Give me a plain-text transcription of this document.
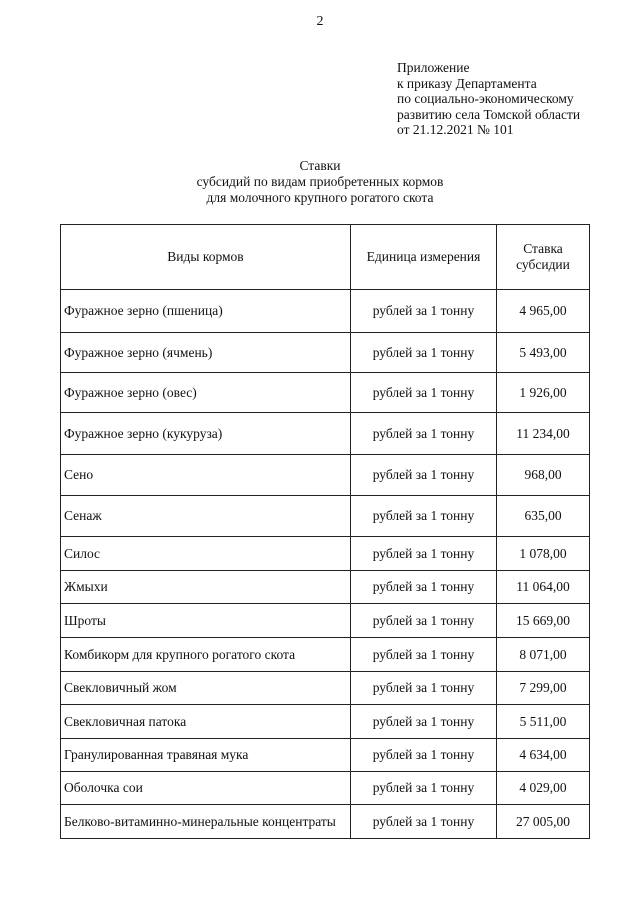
2
Приложение
к приказу Департамента
по социально-экономическому
развитию села Томской области
от 21.12.2021 № 101
Ставки
субсидий по видам приобретенных кормов
для молочного крупного рогатого скота
Виды кормов	Единица измерения	Ставка субсидии
Фуражное зерно (пшеница)	рублей за 1 тонну	4 965,00
Фуражное зерно (ячмень)	рублей за 1 тонну	5 493,00
Фуражное зерно (овес)	рублей за 1 тонну	1 926,00
Фуражное зерно (кукуруза)	рублей за 1 тонну	11 234,00
Сено	рублей за 1 тонну	968,00
Сенаж	рублей за 1 тонну	635,00
Силос	рублей за 1 тонну	1 078,00
Жмыхи	рублей за 1 тонну	11 064,00
Шроты	рублей за 1 тонну	15 669,00
Комбикорм для крупного рогатого скота	рублей за 1 тонну	8 071,00
Свекловичный жом	рублей за 1 тонну	7 299,00
Свекловичная патока	рублей за 1 тонну	5 511,00
Гранулированная травяная мука	рублей за 1 тонну	4 634,00
Оболочка сои	рублей за 1 тонну	4 029,00
Белково-витаминно-минеральные концентраты	рублей за 1 тонну	27 005,00
